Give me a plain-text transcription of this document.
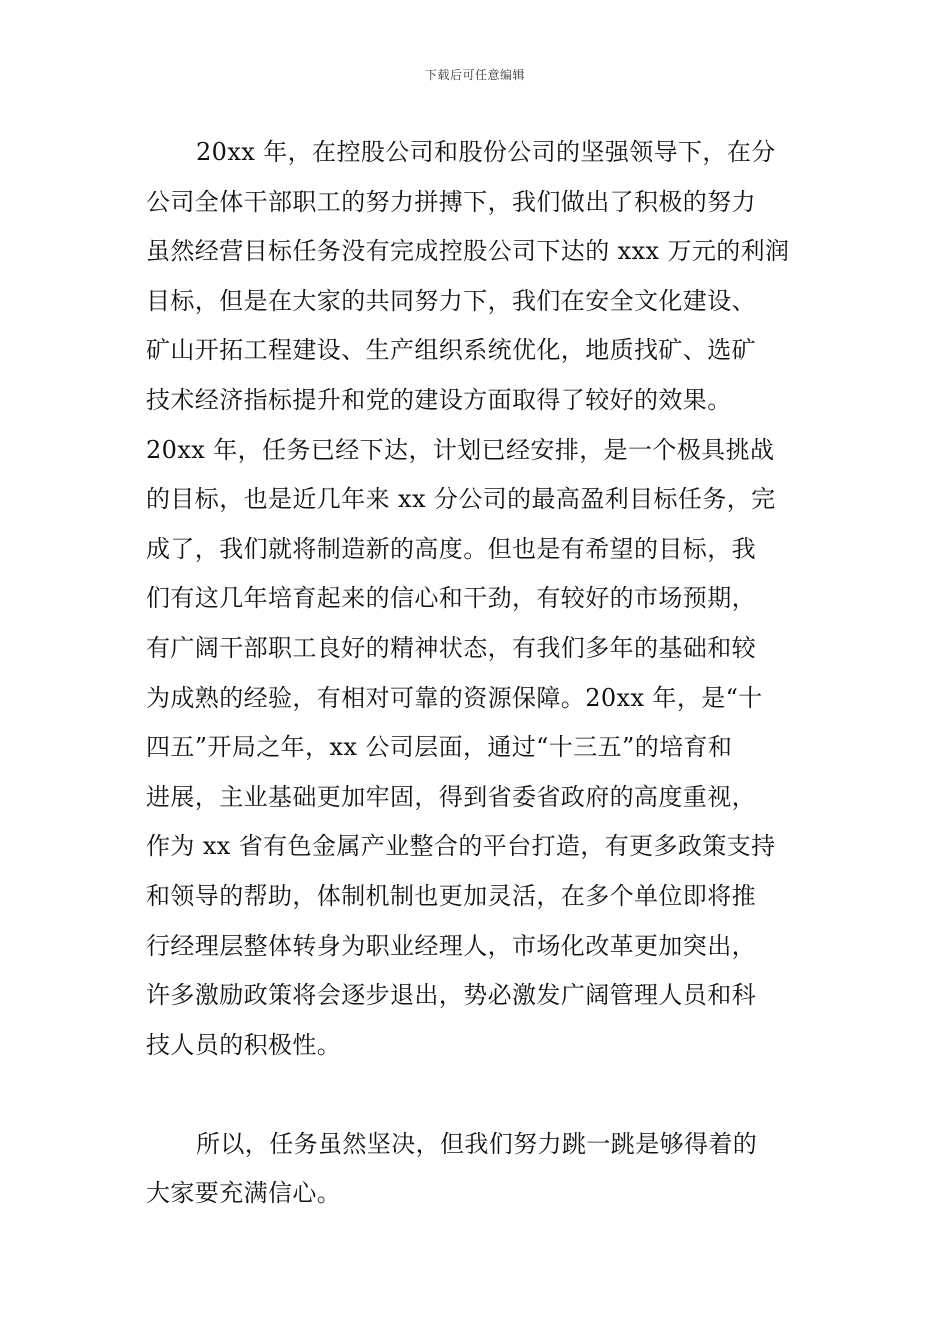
下载后可任意编辑
20xx 年，在控股公司和股份公司的坚强领导下，在分
公司全体干部职工的努力拼搏下，我们做出了积极的努力
虽然经营目标任务没有完成控股公司下达的 xxx 万元的利润
目标，但是在大家的共同努力下，我们在安全文化建设、
矿山开拓工程建设、生产组织系统优化，地质找矿、选矿
技术经济指标提升和党的建设方面取得了较好的效果。
20xx 年，任务已经下达，计划已经安排，是一个极具挑战
的目标，也是近几年来 xx 分公司的最高盈利目标任务，完
成了，我们就将制造新的高度。但也是有希望的目标，我
们有这几年培育起来的信心和干劲，有较好的市场预期，
有广阔干部职工良好的精神状态，有我们多年的基础和较
为成熟的经验，有相对可靠的资源保障。20xx 年，是“十
四五”开局之年，xx 公司层面，通过“十三五”的培育和
进展，主业基础更加牢固，得到省委省政府的高度重视，
作为 xx 省有色金属产业整合的平台打造，有更多政策支持
和领导的帮助，体制机制也更加灵活，在多个单位即将推
行经理层整体转身为职业经理人，市场化改革更加突出，
许多激励政策将会逐步退出，势必激发广阔管理人员和科
技人员的积极性。
所以，任务虽然坚决，但我们努力跳一跳是够得着的
大家要充满信心。
